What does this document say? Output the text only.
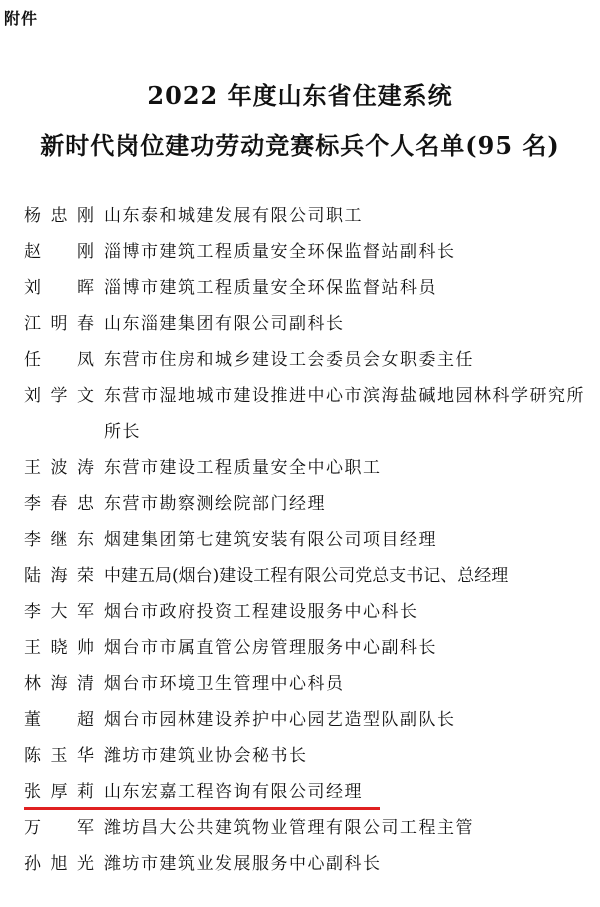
附件
2022 年度山东省住建系统
新时代岗位建功劳动竞赛标兵个人名单(95 名)
杨忠刚 山东泰和城建发展有限公司职工
赵　刚 淄博市建筑工程质量安全环保监督站副科长
刘　晖 淄博市建筑工程质量安全环保监督站科员
江明春 山东淄建集团有限公司副科长
任　凤 东营市住房和城乡建设工会委员会女职委主任
刘学文 东营市湿地城市建设推进中心市滨海盐碱地园林科学研究所所长
王波涛 东营市建设工程质量安全中心职工
李春忠 东营市勘察测绘院部门经理
李继东 烟建集团第七建筑安装有限公司项目经理
陆海荣 中建五局(烟台)建设工程有限公司党总支书记、总经理
李大军 烟台市政府投资工程建设服务中心科长
王晓帅 烟台市市属直管公房管理服务中心副科长
林海清 烟台市环境卫生管理中心科员
董　超 烟台市园林建设养护中心园艺造型队副队长
陈玉华 潍坊市建筑业协会秘书长
张厚莉 山东宏嘉工程咨询有限公司经理
万　军 潍坊昌大公共建筑物业管理有限公司工程主管
孙旭光 潍坊市建筑业发展服务中心副科长
